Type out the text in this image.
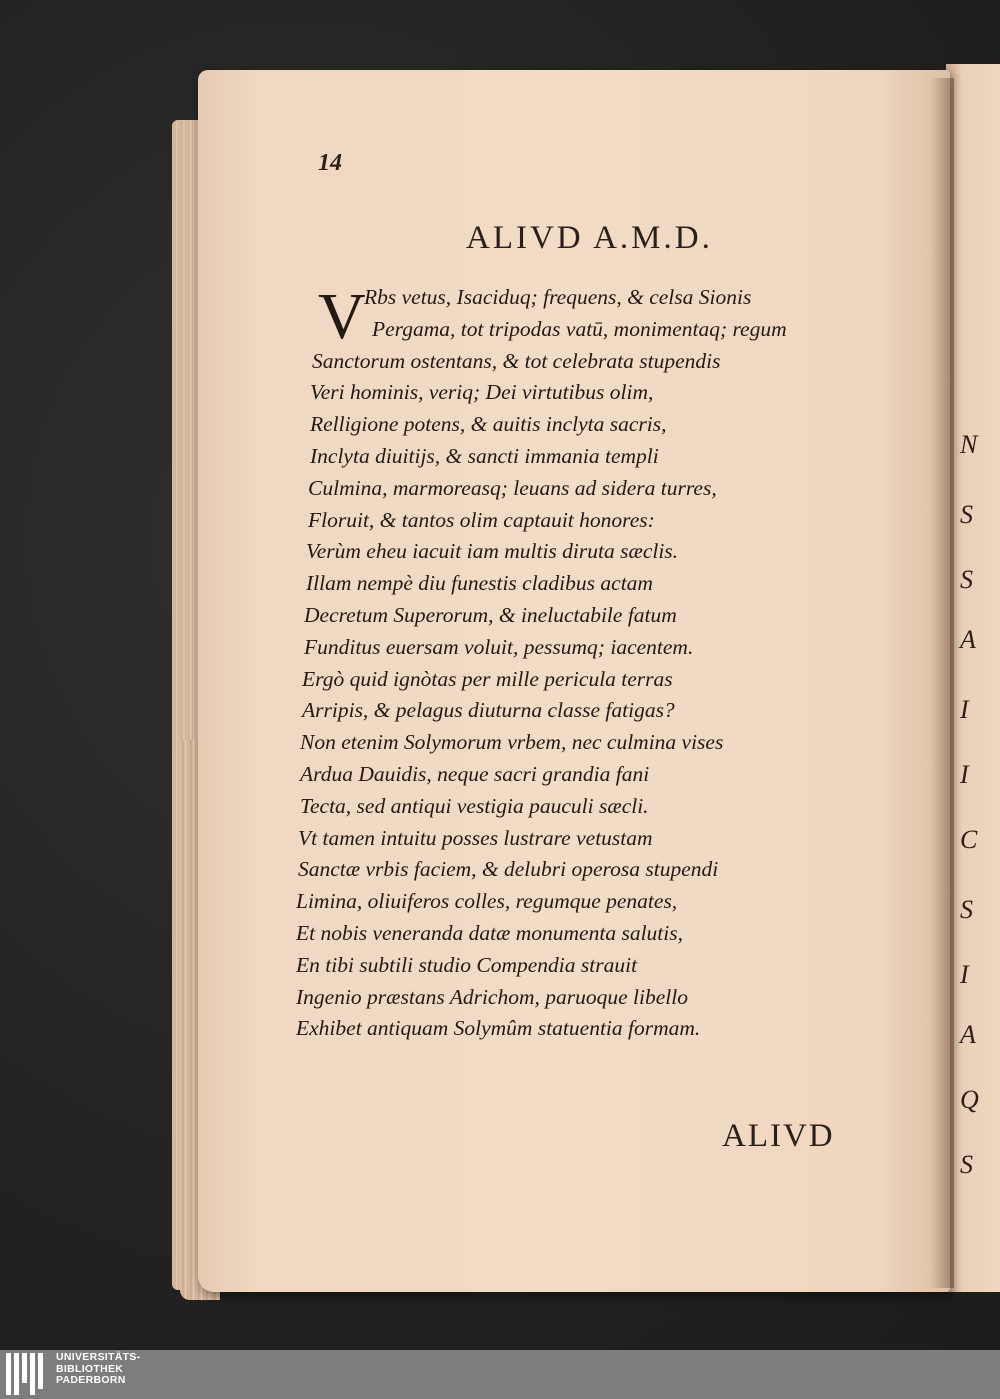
N
S
S
A
I
I
C
S
I
A
Q
S
14
ALIVD A.M.D.
V
Rbs vetus, Isaciduq; frequens, & celsa Sionis
Pergama, tot tripodas vatū, monimentaq; regum
Sanctorum ostentans, & tot celebrata stupendis
Veri hominis, veriq; Dei virtutibus olim,
Relligione potens, & auitis inclyta sacris,
Inclyta diuitijs, & sancti immania templi
Culmina, marmoreasq; leuans ad sidera turres,
Floruit, & tantos olim captauit honores:
Verùm eheu iacuit iam multis diruta sæclis.
Illam nempè diu funestis cladibus actam
Decretum Superorum, & ineluctabile fatum
Funditus euersam voluit, pessumq; iacentem.
Ergò quid ignòtas per mille pericula terras
Arripis, & pelagus diuturna classe fatigas?
Non etenim Solymorum vrbem, nec culmina vises
Ardua Dauidis, neque sacri grandia fani
Tecta, sed antiqui vestigia pauculi sæcli.
Vt tamen intuitu posses lustrare vetustam
Sanctæ vrbis faciem, & delubri operosa stupendi
Limina, oliuiferos colles, regumque penates,
Et nobis veneranda datæ monumenta salutis,
En tibi subtili studio Compendia strauit
Ingenio præstans Adrichom, paruoque libello
Exhibet antiquam Solymûm statuentia formam.
ALIVD
UNIVERSITÄTS-
BIBLIOTHEK
PADERBORN
